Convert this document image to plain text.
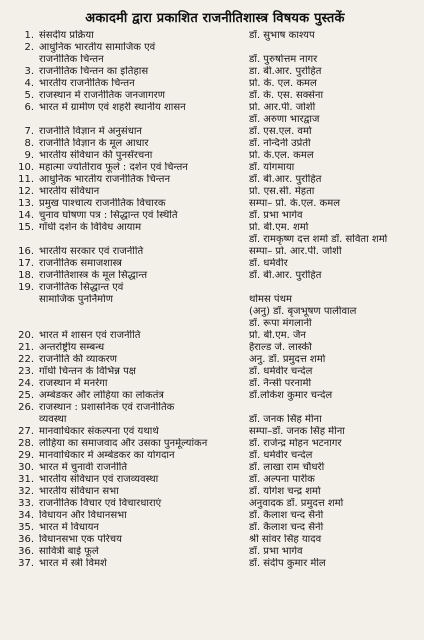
अकादमी द्वारा प्रकाशित राजनीतिशास्त्र विषयक पुस्तकें
1. संसदीय प्रक्रिया	डॉ. सुभाष काश्यप
2. आधुनिक भारतीय सामाजिक एवं
राजनीतिक चिन्तन	डॉ. पुरुषोत्तम नागर
3. राजनीतिक चिन्तन का इतिहास	डा. बी.आर. पुरोहित
4. भारतीय राजनीतिक चिन्तन	प्रो. के. एल. कमल
5. राजस्थान में राजनीतिक जनजागरण	डॉ. के. एस. सक्सेना
6. भारत में ग्रामीण एवं शहरी स्थानीय शासन	प्रो. आर.पी. जोशी
डॉ. अरुणा भारद्वाज
7. राजनीति विज्ञान में अनुसंधान	डॉ. एस.एल. वर्मा
8. राजनीति विज्ञान के मूल आधार	डॉ. नन्दिनी उप्रेती
9. भारतीय संविधान की पुनर्संरचना	प्रो. के.एल. कमल
10. महात्मा ज्योतीराव फूले : दर्शन एवं चिन्तन	डॉ. योगमाया
11. आधुनिक भारतीय राजनीतिक चिन्तन	डॉ. बी.आर. पुरोहित
12. भारतीय संविधान	प्रो. एस.सी. मेहता
13. प्रमुख पाश्चात्य राजनीतिक विचारक	सम्पा– प्रो. के.एल. कमल
14. चुनाव घोषणा पत्र : सिद्धान्त एवं स्थिति	डॉ. प्रभा भार्गव
15. गाँधी दर्शन के विविध आयाम	प्रो. बी.एम. शर्मा
डॉ. रामकृष्ण दत्त शर्मा डॉ. सविता शर्मा
16. भारतीय सरकार एवं राजनीति	सम्पा– प्रो. आर.पी. जोशी
17. राजनीतिक समाजशास्त्र	डॉ. धर्मवीर
18. राजनीतिशास्त्र के मूल सिद्धान्त	डॉ. बी.आर. पुरोहित
19. राजनीतिक सिद्धान्त एवं
सामाजिक पुनर्निर्माण	थोमस पंथम
(अनु) डॉ. बृजभूषण पालीवाल
डॉ. रूपा मंगलानी
20. भारत में शासन एवं राजनीति	प्रो. बी.एम. जैन
21. अन्तर्राष्ट्रीय सम्बन्ध	हैराल्ड जे. लास्की
22. राजनीति की व्याकरण	अनु. डॉ. प्रमुदत्त शर्मा
23. गाँधी चिन्तन के विभिन्न पक्ष	डॉ. धर्मवीर चन्देल
24. राजस्थान में मनरेगा	डॉ. नैन्सी परनामी
25. अम्बेडकर और लोहिया का लोकतंत्र	डॉ.लोकेश कुमार चन्देल
26. राजस्थान : प्रशासनिक एवं राजनीतिक
व्यवस्था	डॉ. जनक सिंह मीना
27. मानवाधिकार संकल्पना एवं यथार्थ	सम्पा–डॉ. जनक सिंह मीना
28. लोहिया का समाजवाद और उसका पुनर्मूल्यांकन	डॉ. राजेन्द्र मोहन भटनागर
29. मानवाधिकार में अम्बेडकर का योगदान	डॉ. धर्मवीर चन्देल
30. भारत में चुनावी राजनीति	डॉ. लाखा राम चौधरी
31. भारतीय संविधान एवं राजव्यवस्था	डॉ. अल्पना पारीक
32. भारतीय संविधान सभा	डॉ. योगेश चन्द्र शर्मा
33. राजनीतिक विचार एवं विचारधाराएं	अनुवादक डॉ. प्रमुदत्त शर्मा
34. विधायन और विधानसभा	डॉ. कैलाश चन्द सैनी
35. भारत में विधायन	डॉ. कैलाश चन्द सैनी
36. विधानसभा एक परिचय	श्री सांवर सिंह यादव
36. सावित्री बाई फूले	डॉ. प्रभा भार्गव
37. भारत में स्त्री विमर्श	डॉ. संदीप कुमार मील
